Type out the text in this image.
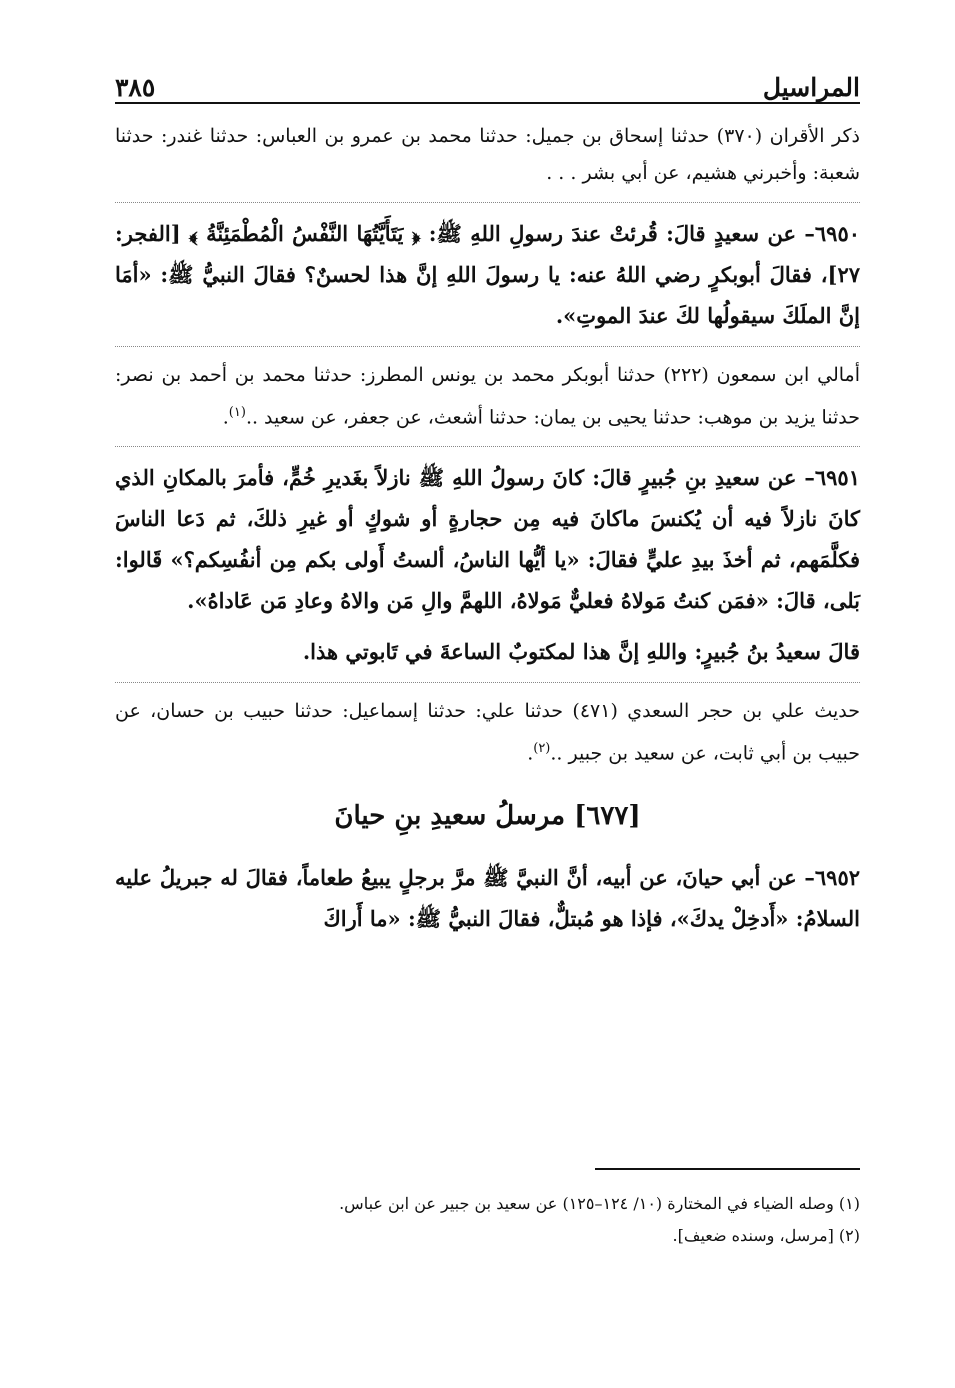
المراسيل
٣٨٥

ذكر الأقران (٣٧٠) حدثنا إسحاق بن جميل: حدثنا محمد بن عمرو بن العباس: حدثنا غندر: حدثنا شعبة: وأخبرني هشيم، عن أبي بشر . . .

٦٩٥٠– عن سعيدٍ قالَ: قُرئتْ عندَ رسولِ اللهِ ﷺ: ﴿ يَتَأَيَّتُهَا النَّفْسُ الْمُطْمَئِنَّةُ ﴾ [الفجر: ٢٧]، فقالَ أبوبكرٍ رضي اللهُ عنه: يا رسولَ اللهِ إنَّ هذا لحسنٌ؟ فقالَ النبيُّ ﷺ: «أمَا إنَّ الملَكَ سيقولُها لكَ عندَ الموتِ».

أمالي ابن سمعون (٢٢٢) حدثنا أبوبكر محمد بن يونس المطرز: حدثنا محمد بن أحمد بن نصر: حدثنا يزيد بن موهب: حدثنا يحيى بن يمان: حدثنا أشعث، عن جعفر، عن سعيد ..$^{(١)}$.

٦٩٥١– عن سعيدِ بنِ جُبيرٍ قالَ: كانَ رسولُ اللهِ ﷺ نازلاً بغَديرِ خُمٍّ، فأمرَ بالمكانِ الذي كانَ نازلاً فيه أن يُكنسَ ماكانَ فيه مِن حجارةٍ أو شوكٍ أو غيرِ ذلكَ، ثم دَعا الناسَ فكلَّمَهم، ثم أخذَ بيدِ عليٍّ فقالَ: «يا أيُّها الناسُ، ألستُ أَولى بكم مِن أنفُسِكم؟» قَالوا: بَلى، قالَ: «فمَن كنتُ مَولاهُ فعليٌّ مَولاهُ، اللهمَّ والِ مَن والاهُ وعادِ مَن عَاداهُ».

قالَ سعيدُ بنُ جُبيرٍ: واللهِ إنَّ هذا لمكتوبٌ الساعةَ في تَابوتي هذا.

حديث علي بن حجر السعدي (٤٧١) حدثنا علي: حدثنا إسماعيل: حدثنا حبيب بن حسان، عن حبيب بن أبي ثابت، عن سعيد بن جبير ..$^{(٢)}$.

[٦٧٧] مرسلُ سعيدِ بنِ حيانَ

٦٩٥٢– عن أبي حيانَ، عن أبيه، أنَّ النبيَّ ﷺ مرَّ برجلٍ يبيعُ طعاماً، فقالَ له جبريلُ عليه السلامُ: «أَدخِلْ يدكَ»، فإذا هو مُبتلٌّ، فقالَ النبيُّ ﷺ: «ما أَراكَ

(١) وصله الضياء في المختارة (١٠/ ١٢٤–١٢٥) عن سعيد بن جبير عن ابن عباس.
(٢) [مرسل، وسنده ضعيف].
